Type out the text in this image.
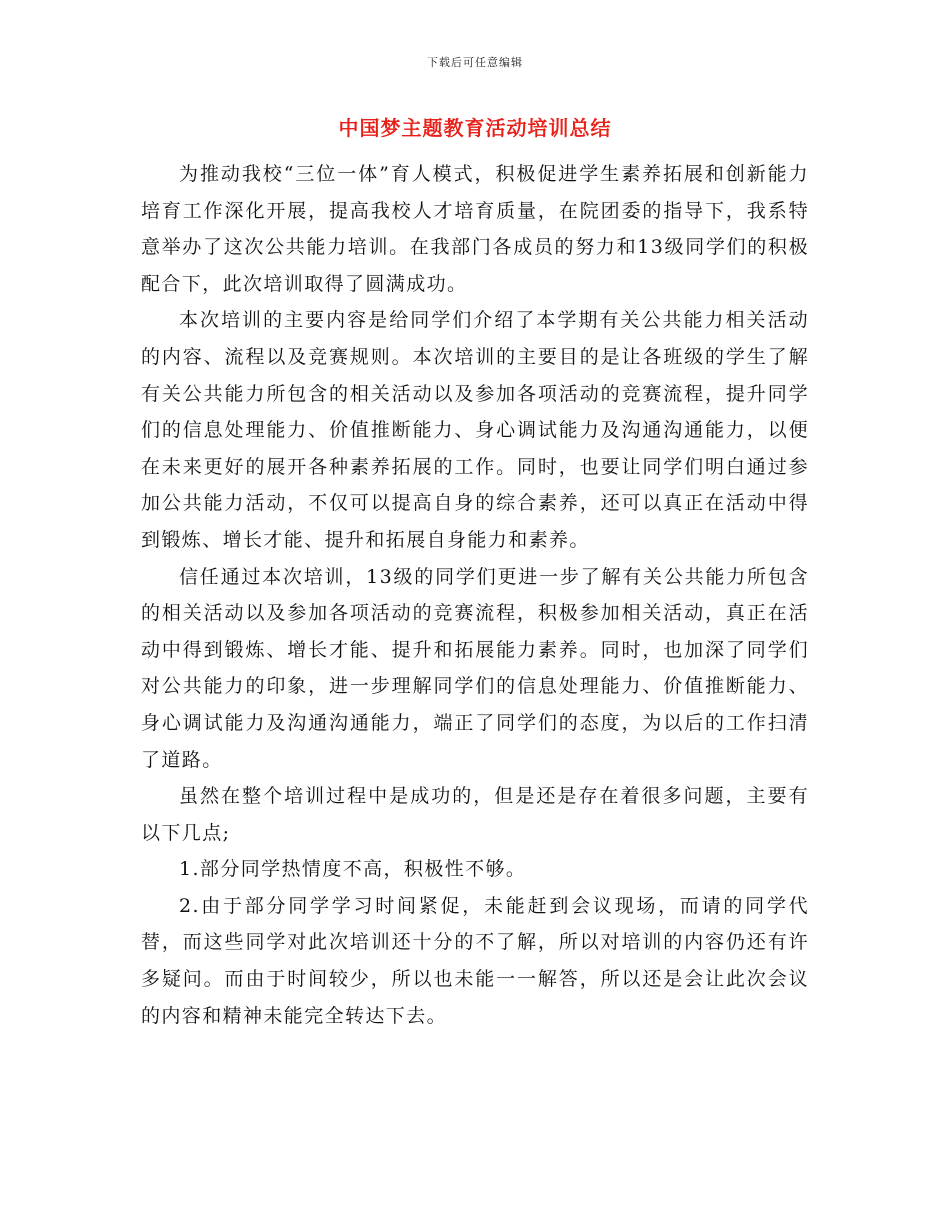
下载后可任意编辑
中国梦主题教育活动培训总结

为推动我校“三位一体”育人模式，积极促进学生素养拓展和创新能力培育工作深化开展，提高我校人才培育质量，在院团委的指导下，我系特意举办了这次公共能力培训。在我部门各成员的努力和13级同学们的积极配合下，此次培训取得了圆满成功。

本次培训的主要内容是给同学们介绍了本学期有关公共能力相关活动的内容、流程以及竞赛规则。本次培训的主要目的是让各班级的学生了解有关公共能力所包含的相关活动以及参加各项活动的竞赛流程，提升同学们的信息处理能力、价值推断能力、身心调试能力及沟通沟通能力，以便在未来更好的展开各种素养拓展的工作。同时，也要让同学们明白通过参加公共能力活动，不仅可以提高自身的综合素养，还可以真正在活动中得到锻炼、增长才能、提升和拓展自身能力和素养。

信任通过本次培训，13级的同学们更进一步了解有关公共能力所包含的相关活动以及参加各项活动的竞赛流程，积极参加相关活动，真正在活动中得到锻炼、增长才能、提升和拓展能力素养。同时，也加深了同学们对公共能力的印象，进一步理解同学们的信息处理能力、价值推断能力、身心调试能力及沟通沟通能力，端正了同学们的态度，为以后的工作扫清了道路。

虽然在整个培训过程中是成功的，但是还是存在着很多问题，主要有以下几点;

1.部分同学热情度不高，积极性不够。

2.由于部分同学学习时间紧促，未能赶到会议现场，而请的同学代替，而这些同学对此次培训还十分的不了解，所以对培训的内容仍还有许多疑问。而由于时间较少，所以也未能一一解答，所以还是会让此次会议的内容和精神未能完全转达下去。
